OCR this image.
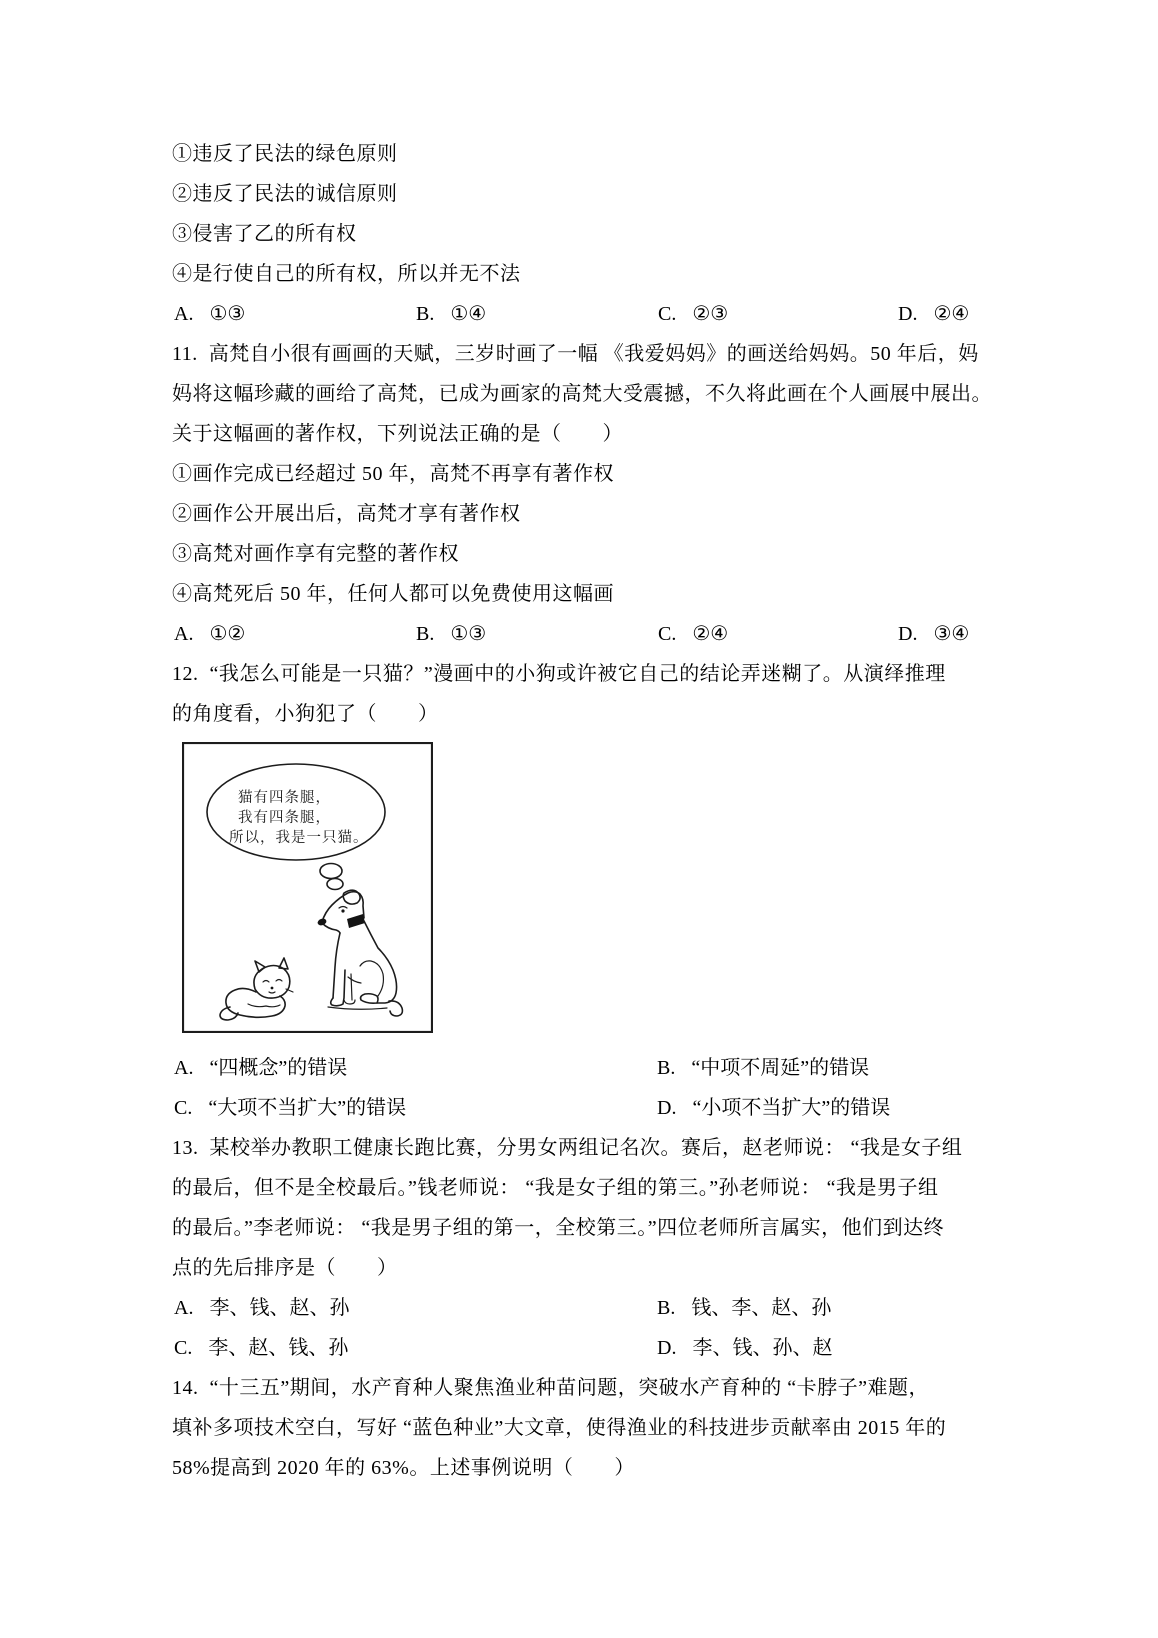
①违反了民法的绿色原则
②违反了民法的诚信原则
③侵害了乙的所有权
④是行使自己的所有权，所以并无不法
A. ①③	B. ①④	C. ②③	D. ②④
11.  高梵自小很有画画的天赋，三岁时画了一幅 《我爱妈妈》的画送给妈妈。50 年后，妈
妈将这幅珍藏的画给了高梵，已成为画家的高梵大受震撼，不久将此画在个人画展中展出。
关于这幅画的著作权，下列说法正确的是（　　）
①画作完成已经超过 50 年，高梵不再享有著作权
②画作公开展出后，高梵才享有著作权
③高梵对画作享有完整的著作权
④高梵死后 50 年，任何人都可以免费使用这幅画
A. ①②	B. ①③	C. ②④	D. ③④
12.  “我怎么可能是一只猫？”漫画中的小狗或许被它自己的结论弄迷糊了。从演绎推理
的角度看，小狗犯了（　　）
猫有四条腿，
我有四条腿，
所以，我是一只猫。
A. “四概念”的错误	B. “中项不周延”的错误
C. “大项不当扩大”的错误	D. “小项不当扩大”的错误
13.  某校举办教职工健康长跑比赛，分男女两组记名次。赛后，赵老师说： “我是女子组
的最后，但不是全校最后。”钱老师说： “我是女子组的第三。”孙老师说： “我是男子组
的最后。”李老师说： “我是男子组的第一，全校第三。”四位老师所言属实，他们到达终
点的先后排序是（　　）
A. 李、钱、赵、孙	B. 钱、李、赵、孙
C. 李、赵、钱、孙	D. 李、钱、孙、赵
14.  “十三五”期间，水产育种人聚焦渔业种苗问题，突破水产育种的 “卡脖子”难题，
填补多项技术空白，写好 “蓝色种业”大文章，使得渔业的科技进步贡献率由 2015 年的
58%提高到 2020 年的 63%。上述事例说明（　　）
